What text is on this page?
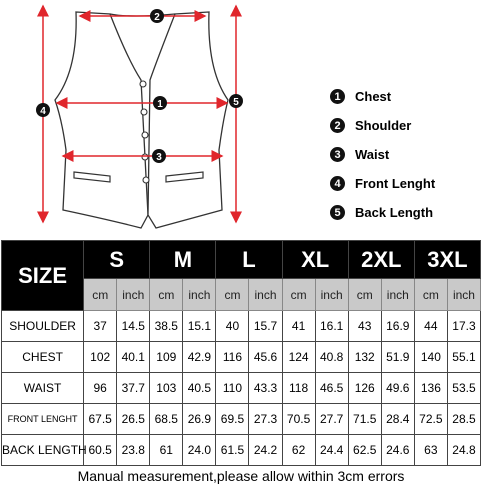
2
1
3
4
5	1	Chest
2	Shoulder
3	Waist
4	Front Lenght
5	Back Length
SIZE	S		M		L		XL		2XL		3XL	
	cm	inch	cm	inch	cm	inch	cm	inch	cm	inch	cm	inch
SHOULDER	37	14.5	38.5	15.1	40	15.7	41	16.1	43	16.9	44	17.3
CHEST	102	40.1	109	42.9	116	45.6	124	40.8	132	51.9	140	55.1
WAIST	96	37.7	103	40.5	110	43.3	118	46.5	126	49.6	136	53.5
FRONT LENGHT	67.5	26.5	68.5	26.9	69.5	27.3	70.5	27.7	71.5	28.4	72.5	28.5
BACK LENGTH	60.5	23.8	61	24.0	61.5	24.2	62	24.4	62.5	24.6	63	24.8
Manual measurement,please allow within 3cm errors
